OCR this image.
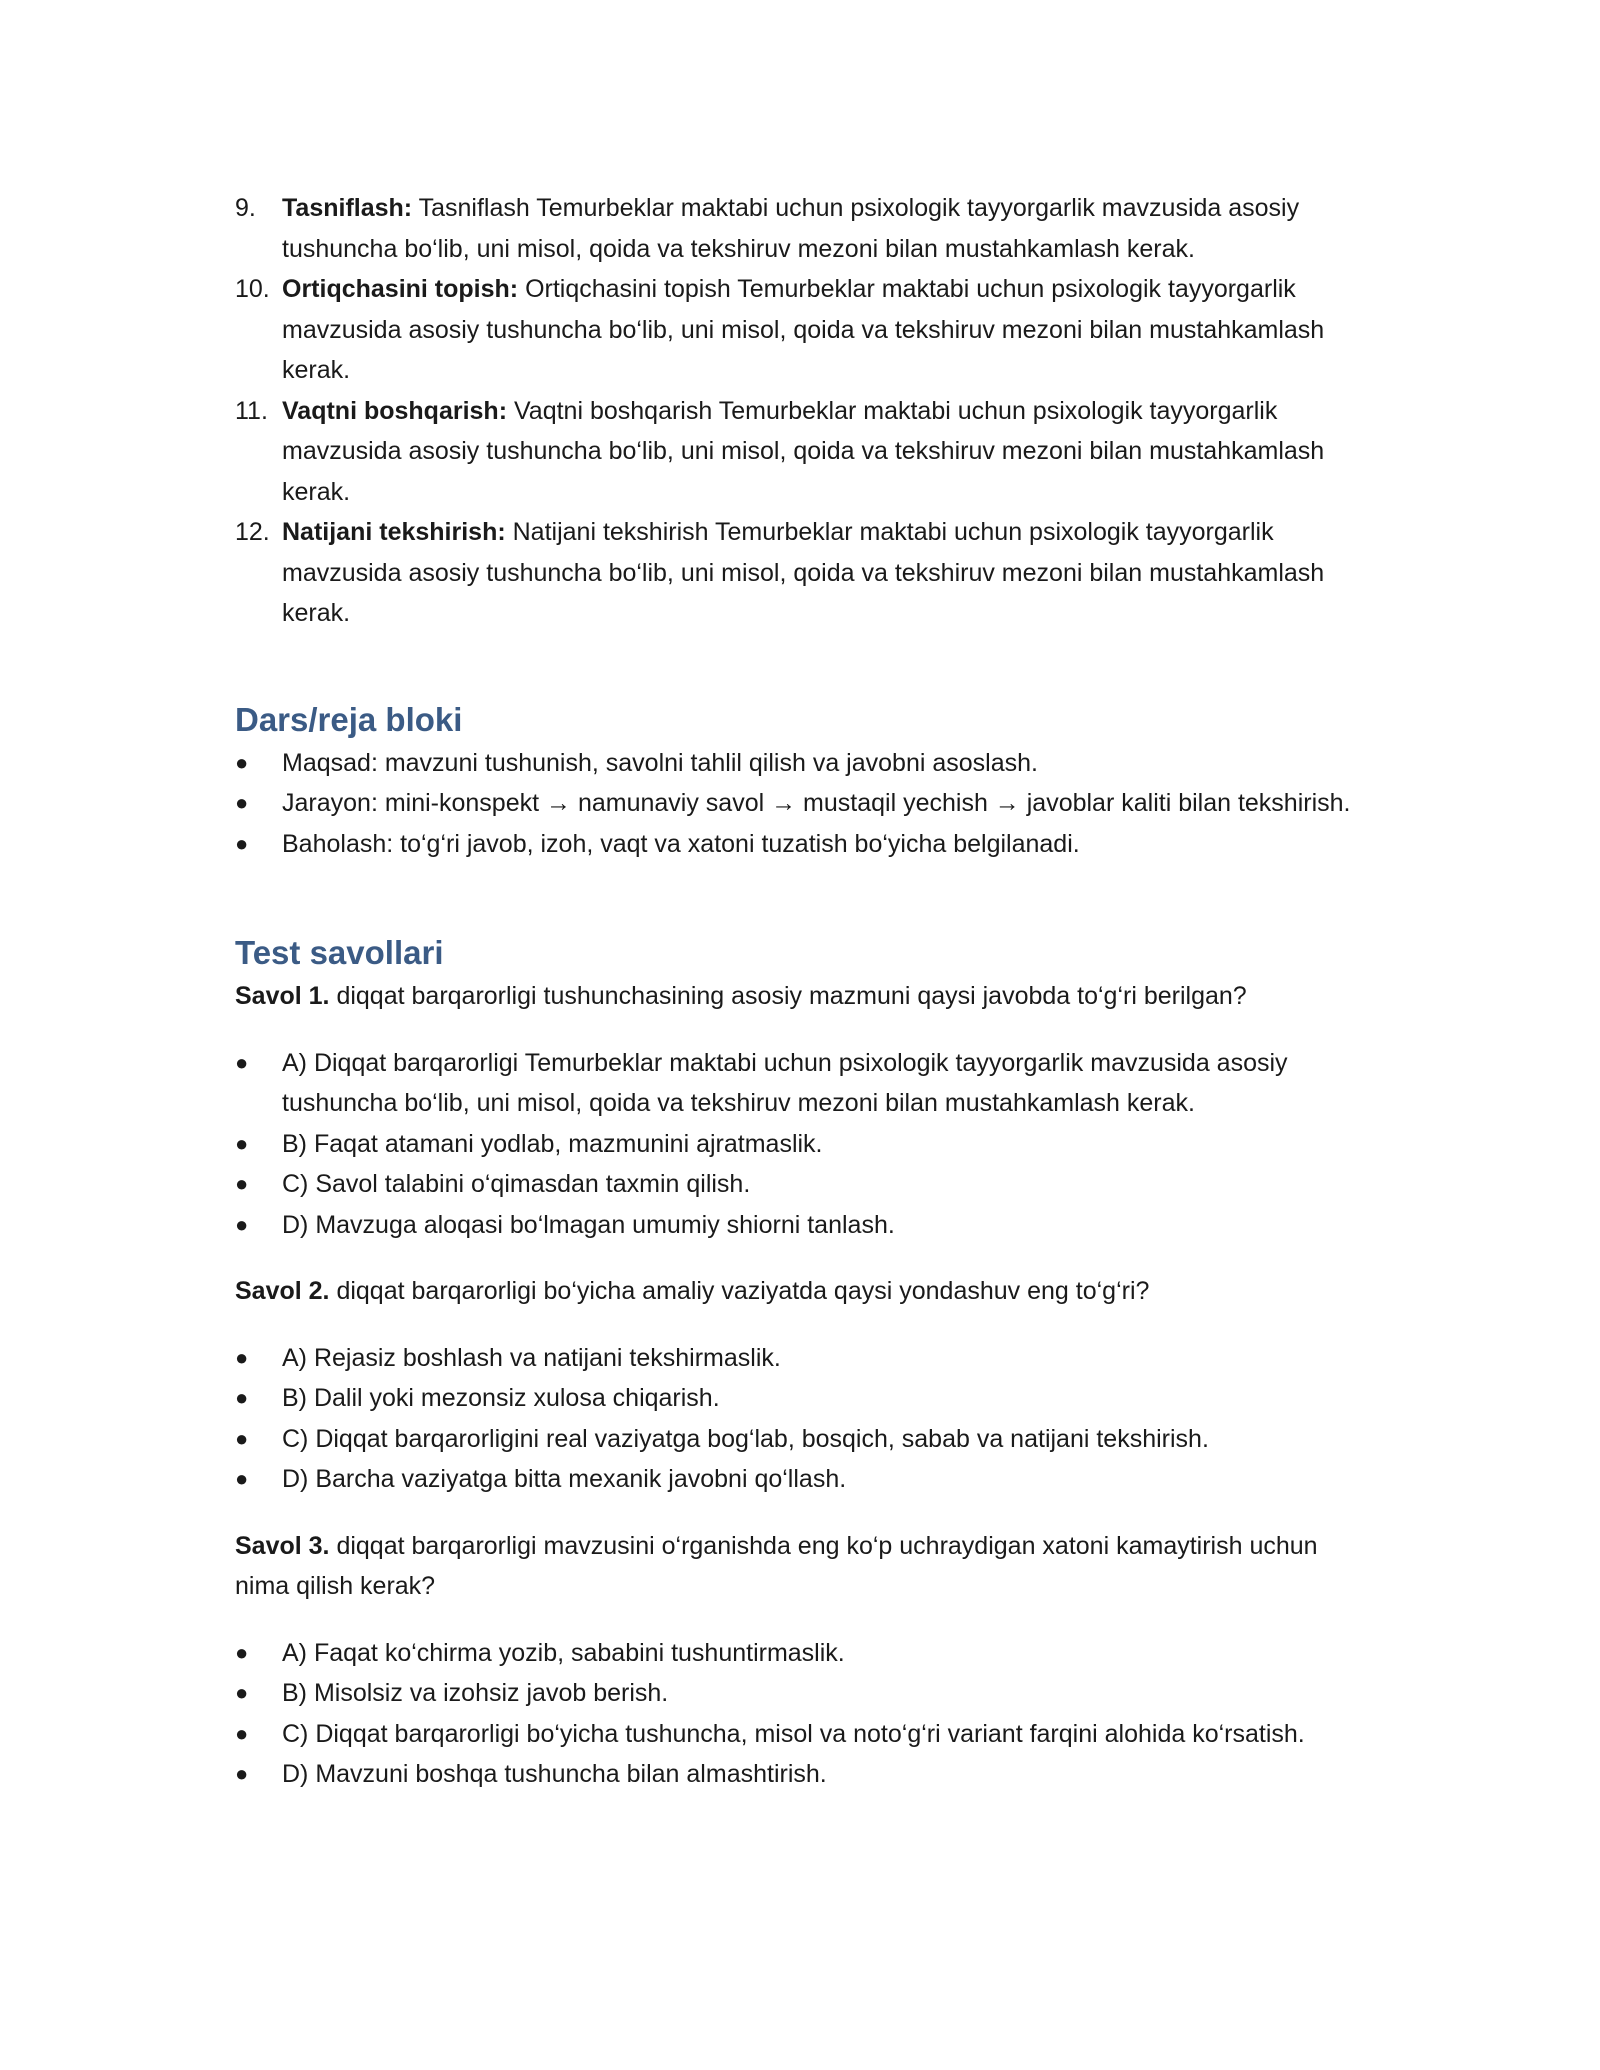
9.	Tasniflash: Tasniflash Temurbeklar maktabi uchun psixologik tayyorgarlik mavzusida asosiy tushuncha bo‘lib, uni misol, qoida va tekshiruv mezoni bilan mustahkamlash kerak.
10. Ortiqchasini topish: Ortiqchasini topish Temurbeklar maktabi uchun psixologik tayyorgarlik mavzusida asosiy tushuncha bo‘lib, uni misol, qoida va tekshiruv mezoni bilan mustahkamlash kerak.
11. Vaqtni boshqarish: Vaqtni boshqarish Temurbeklar maktabi uchun psixologik tayyorgarlik mavzusida asosiy tushuncha bo‘lib, uni misol, qoida va tekshiruv mezoni bilan mustahkamlash kerak.
12. Natijani tekshirish: Natijani tekshirish Temurbeklar maktabi uchun psixologik tayyorgarlik mavzusida asosiy tushuncha bo‘lib, uni misol, qoida va tekshiruv mezoni bilan mustahkamlash kerak.
Dars/reja bloki
●	Maqsad: mavzuni tushunish, savolni tahlil qilish va javobni asoslash.
●	Jarayon: mini-konspekt → namunaviy savol → mustaqil yechish → javoblar kaliti bilan tekshirish.
●	Baholash: to‘g‘ri javob, izoh, vaqt va xatoni tuzatish bo‘yicha belgilanadi.
Test savollari

Savol 1. diqqat barqarorligi tushunchasining asosiy mazmuni qaysi javobda to‘g‘ri berilgan?

●	A) Diqqat barqarorligi Temurbeklar maktabi uchun psixologik tayyorgarlik mavzusida asosiy tushuncha bo‘lib, uni misol, qoida va tekshiruv mezoni bilan mustahkamlash kerak.
●	B) Faqat atamani yodlab, mazmunini ajratmaslik.
●	C) Savol talabini o‘qimasdan taxmin qilish.
●	D) Mavzuga aloqasi bo‘lmagan umumiy shiorni tanlash.

Savol 2. diqqat barqarorligi bo‘yicha amaliy vaziyatda qaysi yondashuv eng to‘g‘ri?

●	A) Rejasiz boshlash va natijani tekshirmaslik.
●	B) Dalil yoki mezonsiz xulosa chiqarish.
●	C) Diqqat barqarorligini real vaziyatga bog‘lab, bosqich, sabab va natijani tekshirish.
●	D) Barcha vaziyatga bitta mexanik javobni qo‘llash.

Savol 3. diqqat barqarorligi mavzusini o‘rganishda eng ko‘p uchraydigan xatoni kamaytirish uchun nima qilish kerak?

●	A) Faqat ko‘chirma yozib, sababini tushuntirmaslik.
●	B) Misolsiz va izohsiz javob berish.
●	C) Diqqat barqarorligi bo‘yicha tushuncha, misol va noto‘g‘ri variant farqini alohida ko‘rsatish.
●	D) Mavzuni boshqa tushuncha bilan almashtirish.
